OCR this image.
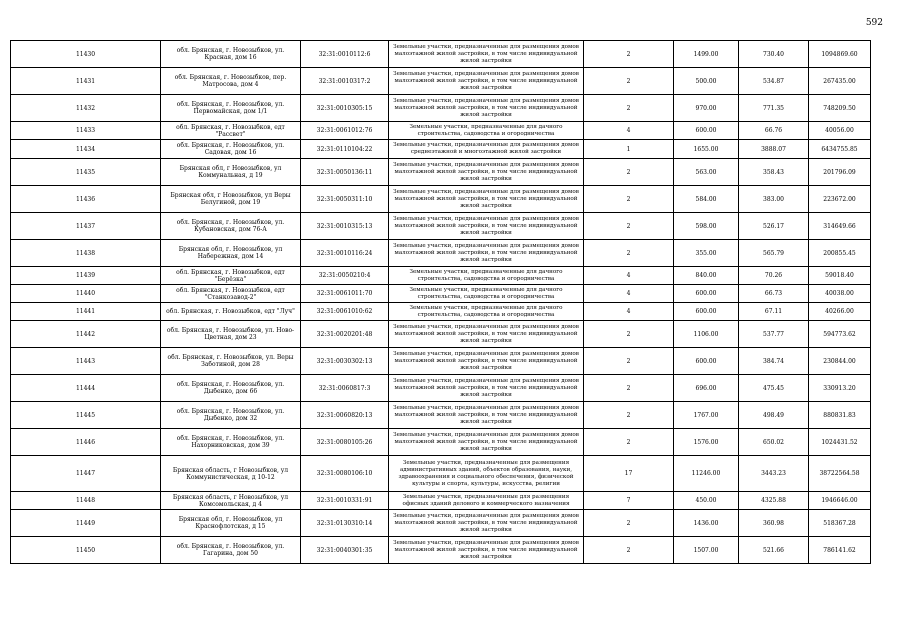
592
11430	обл. Брянская, г. Новозыбков, ул. Красная, дом 16	32:31:0010112:6	Земельные участки, предназначенные для размещения домов малоэтажной жилой застройки, в том числе индивидуальной жилой застройки	2	1499.00	730.40	1094869.60
11431	обл. Брянская, г. Новозыбков, пер. Матросова, дом 4	32:31:0010317:2	Земельные участки, предназначенные для размещения домов малоэтажной жилой застройки, в том числе индивидуальной жилой застройки	2	500.00	534.87	267435.00
11432	обл. Брянская, г. Новозыбков, ул. Первомайская, дом 1/1	32:31:0010305:15	Земельные участки, предназначенные для размещения домов малоэтажной жилой застройки, в том числе индивидуальной жилой застройки	2	970.00	771.35	748209.50
11433	обл. Брянская, г. Новозыбков, едт "Рассвет"	32:31:0061012:76	Земельные участки, предназначенные для дачного строительства, садоводства и огородничества	4	600.00	66.76	40056.00
11434	обл. Брянская, г. Новозыбков, ул. Садовая, дом 16	32:31:0110104:22	Земельные участки, предназначенные для размещения домов среднеэтажной и многоэтажной жилой застройки	1	1655.00	3888.07	6434755.85
11435	Брянская обл, г Новозыбков, ул Коммунальная, д 19	32:31:0050136:11	Земельные участки, предназначенные для размещения домов малоэтажной жилой застройки, в том числе индивидуальной жилой застройки	2	563.00	358.43	201796.09
11436	Брянская обл, г Новозыбков, ул Веры Белугиной, дом 19	32:31:0050311:10	Земельные участки, предназначенные для размещения домов малоэтажной жилой застройки, в том числе индивидуальной жилой застройки	2	584.00	383.00	223672.00
11437	обл. Брянская, г. Новозыбков, ул. Кубановская, дом 76-А	32:31:0010315:13	Земельные участки, предназначенные для размещения домов малоэтажной жилой застройки, в том числе индивидуальной жилой застройки	2	598.00	526.17	314649.66
11438	Брянская обл, г. Новозыбков, ул Набережная, дом 14	32:31:0010116:24	Земельные участки, предназначенные для размещения домов малоэтажной жилой застройки, в том числе индивидуальной жилой застройки	2	355.00	565.79	200855.45
11439	обл. Брянская, г. Новозыбков, едт "Берёзка"	32:31:0050210:4	Земельные участки, предназначенные для дачного строительства, садоводства и огородничества	4	840.00	70.26	59018.40
11440	обл. Брянская, г. Новозыбков, едт "Станкозавод-2"	32:31:0061011:70	Земельные участки, предназначенные для дачного строительства, садоводства и огородничества	4	600.00	66.73	40038.00
11441	обл. Брянская, г. Новозыбков, едт "Луч"	32:31:0061010:62	Земельные участки, предназначенные для дачного строительства, садоводства и огородничества	4	600.00	67.11	40266.00
11442	обл. Брянская, г. Новозыбков, ул. Ново-Цветная, дом 23	32:31:0020201:48	Земельные участки, предназначенные для размещения домов малоэтажной жилой застройки, в том числе индивидуальной жилой застройки	2	1106.00	537.77	594773.62
11443	обл. Брянская, г. Новозыбков, ул. Веры Заботиной, дом 28	32:31:0030302:13	Земельные участки, предназначенные для размещения домов малоэтажной жилой застройки, в том числе индивидуальной жилой застройки	2	600.00	384.74	230844.00
11444	обл. Брянская, г. Новозыбков, ул. Дыбенко, дом 66	32:31:0060817:3	Земельные участки, предназначенные для размещения домов малоэтажной жилой застройки, в том числе индивидуальной жилой застройки	2	696.00	475.45	330913.20
11445	обл. Брянская, г. Новозыбков, ул. Дыбенко, дом 32	32:31:0060820:13	Земельные участки, предназначенные для размещения домов малоэтажной жилой застройки, в том числе индивидуальной жилой застройки	2	1767.00	498.49	880831.83
11446	обл. Брянская, г. Новозыбков, ул. Нахорниковская, дом 39	32:31:0080105:26	Земельные участки, предназначенные для размещения домов малоэтажной жилой застройки, в том числе индивидуальной жилой застройки	2	1576.00	650.02	1024431.52
11447	Брянская область, г Новозыбков, ул Коммунистическая, д 10-12	32:31:0080106:10	Земельные участки, предназначенные для размещения административных зданий, объектов образования, науки, здравоохранения и социального обеспечения, физической культуры и спорта, культуры, искусства, религии	17	11246.00	3443.23	38722564.58
11448	Брянская область, г Новозыбков, ул Комсомольская, д 4	32:31:0010331:91	Земельные участки, предназначенные для размещения офисных зданий делового и коммерческого назначения	7	450.00	4325.88	1946646.00
11449	Брянская обл, г. Новозыбков, ул Краснофлотская, д 15	32:31:0130310:14	Земельные участки, предназначенные для размещения домов малоэтажной жилой застройки, в том числе индивидуальной жилой застройки	2	1436.00	360.98	518367.28
11450	обл. Брянская, г. Новозыбков, ул. Гагарина, дом 50	32:31:0040301:35	Земельные участки, предназначенные для размещения домов малоэтажной жилой застройки, в том числе индивидуальной жилой застройки	2	1507.00	521.66	786141.62
